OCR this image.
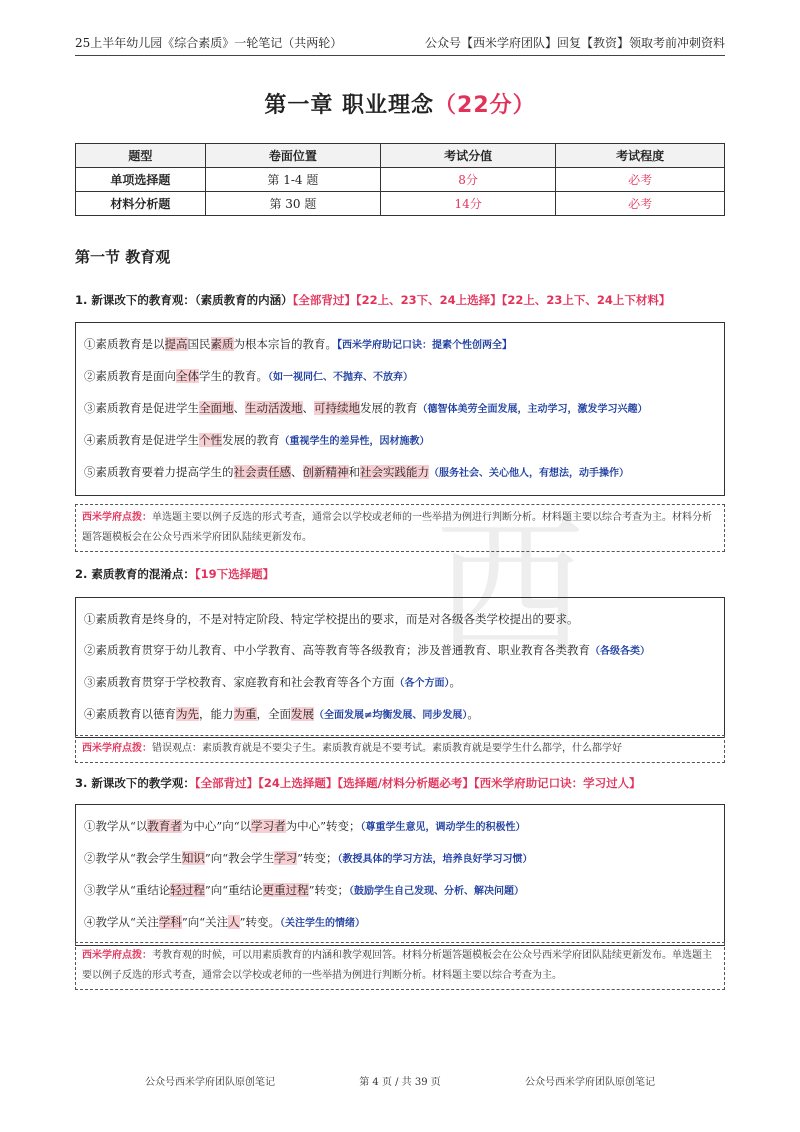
西
25上半年幼儿园《综合素质》一轮笔记（共两轮）	公众号【西米学府团队】回复【教资】领取考前冲刺资料
第一章 职业理念（22分）
题型	卷面位置	考试分值	考试程度
单项选择题	第 1-4 题	8分	必考
材料分析题	第 30 题	14分	必考
第一节 教育观
1. 新课改下的教育观：（素质教育的内涵）【全部背过】【22上、23下、24上选择】【22上、23上下、24上下材料】

①素质教育是以提高国民素质为根本宗旨的教育。【西米学府助记口诀：提素个性创两全】

②素质教育是面向全体学生的教育。（如一视同仁、不抛弃、不放弃）

③素质教育是促进学生全面地、生动活泼地、可持续地发展的教育（德智体美劳全面发展，主动学习，激发学习兴趣）

④素质教育是促进学生个性发展的教育（重视学生的差异性，因材施教）

⑤素质教育要着力提高学生的社会责任感、创新精神和社会实践能力（服务社会、关心他人，有想法，动手操作）

西米学府点拨：单选题主要以例子反选的形式考查，通常会以学校或老师的一些举措为例进行判断分析。材料题主要以综合考查为主。材料分析题答题模板会在公众号西米学府团队陆续更新发布。
2. 素质教育的混淆点：【19下选择题】

①素质教育是终身的，不是对特定阶段、特定学校提出的要求，而是对各级各类学校提出的要求。

②素质教育贯穿于幼儿教育、中小学教育、高等教育等各级教育；涉及普通教育、职业教育各类教育（各级各类）

③素质教育贯穿于学校教育、家庭教育和社会教育等各个方面（各个方面）。

④素质教育以德育为先，能力为重，全面发展（全面发展≠均衡发展、同步发展）。

西米学府点拨：错误观点：素质教育就是不要尖子生。素质教育就是不要考试。素质教育就是要学生什么都学，什么都学好
3. 新课改下的教学观：【全部背过】【24上选择题】【选择题/材料分析题必考】【西米学府助记口诀：学习过人】

①教学从“以教育者为中心”向“以学习者为中心”转变；（尊重学生意见，调动学生的积极性）

②教学从“教会学生知识”向“教会学生学习”转变；（教授具体的学习方法，培养良好学习习惯）

③教学从“重结论轻过程”向“重结论更重过程”转变；（鼓励学生自己发现、分析、解决问题）

④教学从“关注学科”向“关注人”转变。（关注学生的情绪）

西米学府点拨：考教育观的时候，可以用素质教育的内涵和教学观回答。材料分析题答题模板会在公众号西米学府团队陆续更新发布。单选题主要以例子反选的形式考查，通常会以学校或老师的一些举措为例进行判断分析。材料题主要以综合考查为主。
公众号西米学府团队原创笔记	第 4 页 / 共 39 页	公众号西米学府团队原创笔记
